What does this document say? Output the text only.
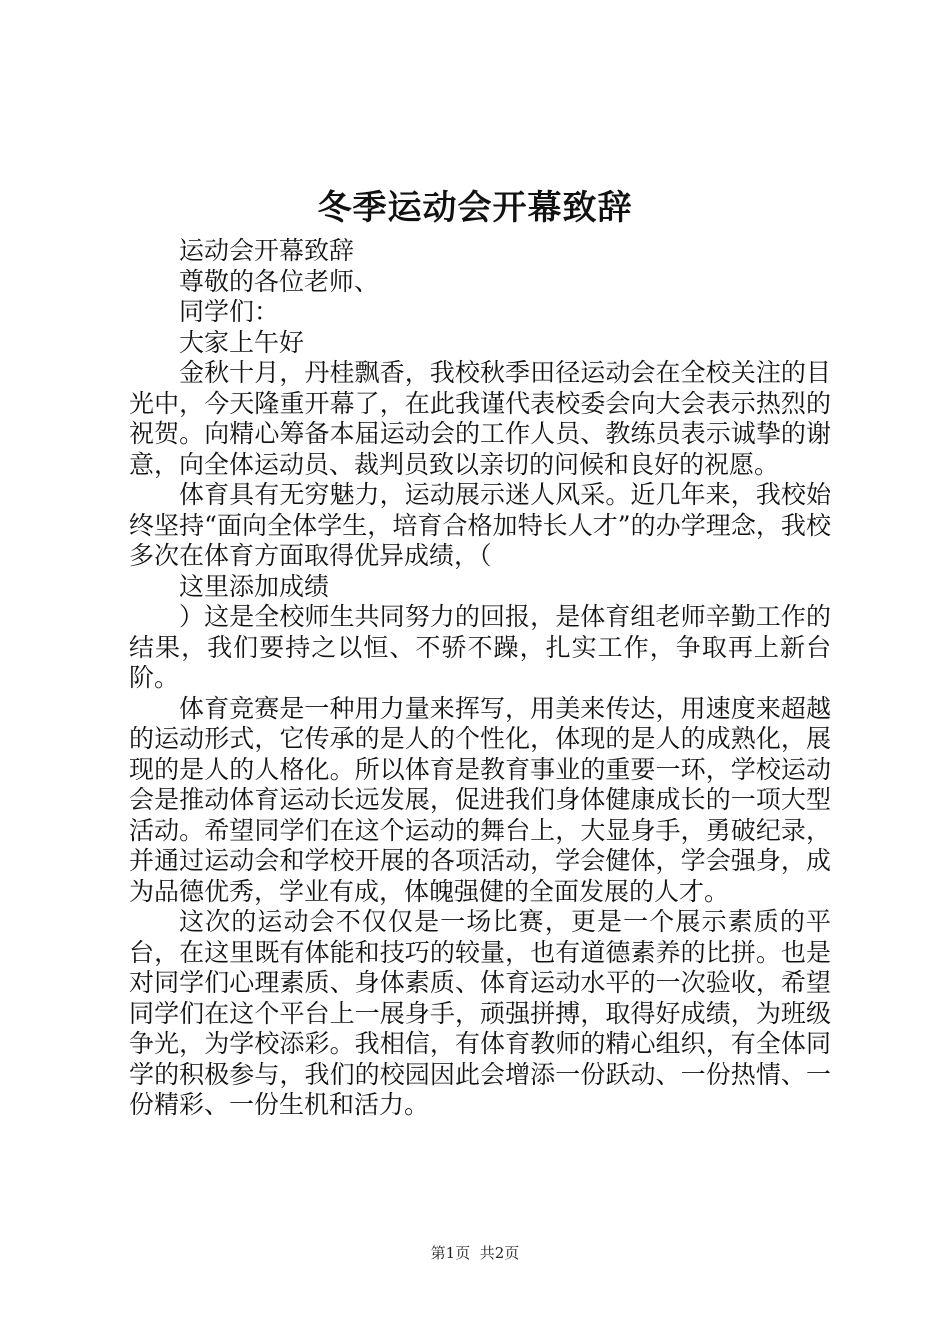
冬季运动会开幕致辞

运动会开幕致辞

尊敬的各位老师、

同学们：

大家上午好

金秋十月，丹桂飘香，我校秋季田径运动会在全校关注的目光中，今天隆重开幕了，在此我谨代表校委会向大会表示热烈的祝贺。向精心筹备本届运动会的工作人员、教练员表示诚挚的谢意，向全体运动员、裁判员致以亲切的问候和良好的祝愿。

体育具有无穷魅力，运动展示迷人风采。近几年来，我校始终坚持“面向全体学生，培育合格加特长人才”的办学理念，我校多次在体育方面取得优异成绩，（

这里添加成绩

）这是全校师生共同努力的回报，是体育组老师辛勤工作的结果，我们要持之以恒、不骄不躁，扎实工作，争取再上新台阶。

体育竞赛是一种用力量来挥写，用美来传达，用速度来超越的运动形式，它传承的是人的个性化，体现的是人的成熟化，展现的是人的人格化。所以体育是教育事业的重要一环，学校运动会是推动体育运动长远发展，促进我们身体健康成长的一项大型活动。希望同学们在这个运动的舞台上，大显身手，勇破纪录，并通过运动会和学校开展的各项活动，学会健体，学会强身，成为品德优秀，学业有成，体魄强健的全面发展的人才。

这次的运动会不仅仅是一场比赛，更是一个展示素质的平台，在这里既有体能和技巧的较量，也有道德素养的比拼。也是对同学们心理素质、身体素质、体育运动水平的一次验收，希望同学们在这个平台上一展身手，顽强拼搏，取得好成绩，为班级争光，为学校添彩。我相信，有体育教师的精心组织，有全体同学的积极参与，我们的校园因此会增添一份跃动、一份热情、一份精彩、一份生机和活力。

第1页 共2页
